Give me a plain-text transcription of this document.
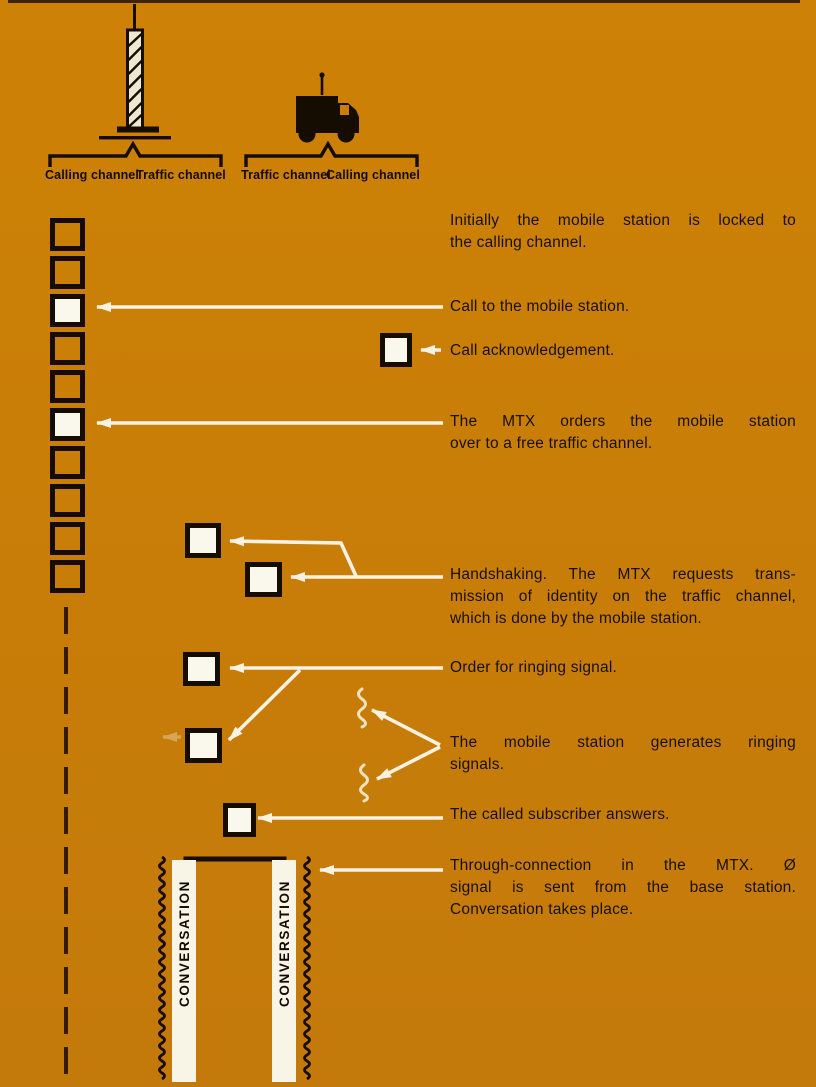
Calling channel
Traffic channel Traffic channel
Calling channel
Initially the mobile station is locked to
the calling channel.
Call to the mobile station.
Call acknowledgement.
The MTX orders the mobile station
over to a free traffic channel.
Handshaking. The MTX requests trans-
mission of identity on the traffic channel,
which is done by the mobile station.
Order for ringing signal.
The mobile station generates ringing
signals.
The called subscriber answers.
Through-connection in the MTX. Ø
signal is sent from the base station.
Conversation takes place.
CONVERSATION	CONVERSATION
